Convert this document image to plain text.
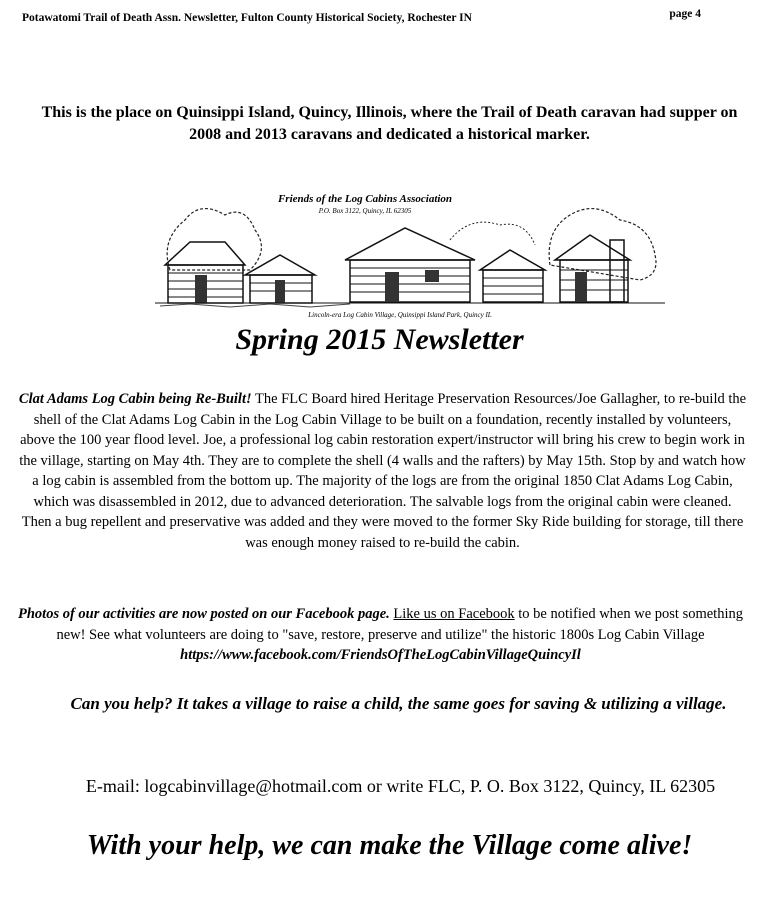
Potawatomi Trail of Death Assn. Newsletter, Fulton County Historical Society, Rochester IN	page 4
This is the place on Quinsippi Island, Quincy, Illinois, where the Trail of Death caravan had supper on 2008 and 2013 caravans and dedicated a historical marker.
Friends of the Log Cabins Association
P.O. Box 3122, Quincy, IL 62305
Lincoln-era Log Cabin Village, Quinsippi Island Park, Quincy IL
Spring 2015 Newsletter
Clat Adams Log Cabin being Re-Built! The FLC Board hired Heritage Preservation Resources/Joe Gallagher, to re-build the shell of the Clat Adams Log Cabin in the Log Cabin Village to be built on a foundation, recently installed by volunteers, above the 100 year flood level. Joe, a professional log cabin restoration expert/instructor will bring his crew to begin work in the village, starting on May 4th. They are to complete the shell (4 walls and the rafters) by May 15th. Stop by and watch how a log cabin is assembled from the bottom up. The majority of the logs are from the original 1850 Clat Adams Log Cabin, which was disassembled in 2012, due to advanced deterioration. The salvable logs from the original cabin were cleaned. Then a bug repellent and preservative was added and they were moved to the former Sky Ride building for storage, till there was enough money raised to re-build the cabin.
Photos of our activities are now posted on our Facebook page. Like us on Facebook to be notified when we post something new! See what volunteers are doing to "save, restore, preserve and utilize" the historic 1800s Log Cabin Village https://www.facebook.com/FriendsOfTheLogCabinVillageQuincyIl
Can you help? It takes a village to raise a child, the same goes for saving & utilizing a village.
E-mail: logcabinvillage@hotmail.com or write FLC, P. O. Box 3122, Quincy, IL 62305
With your help, we can make the Village come alive!
